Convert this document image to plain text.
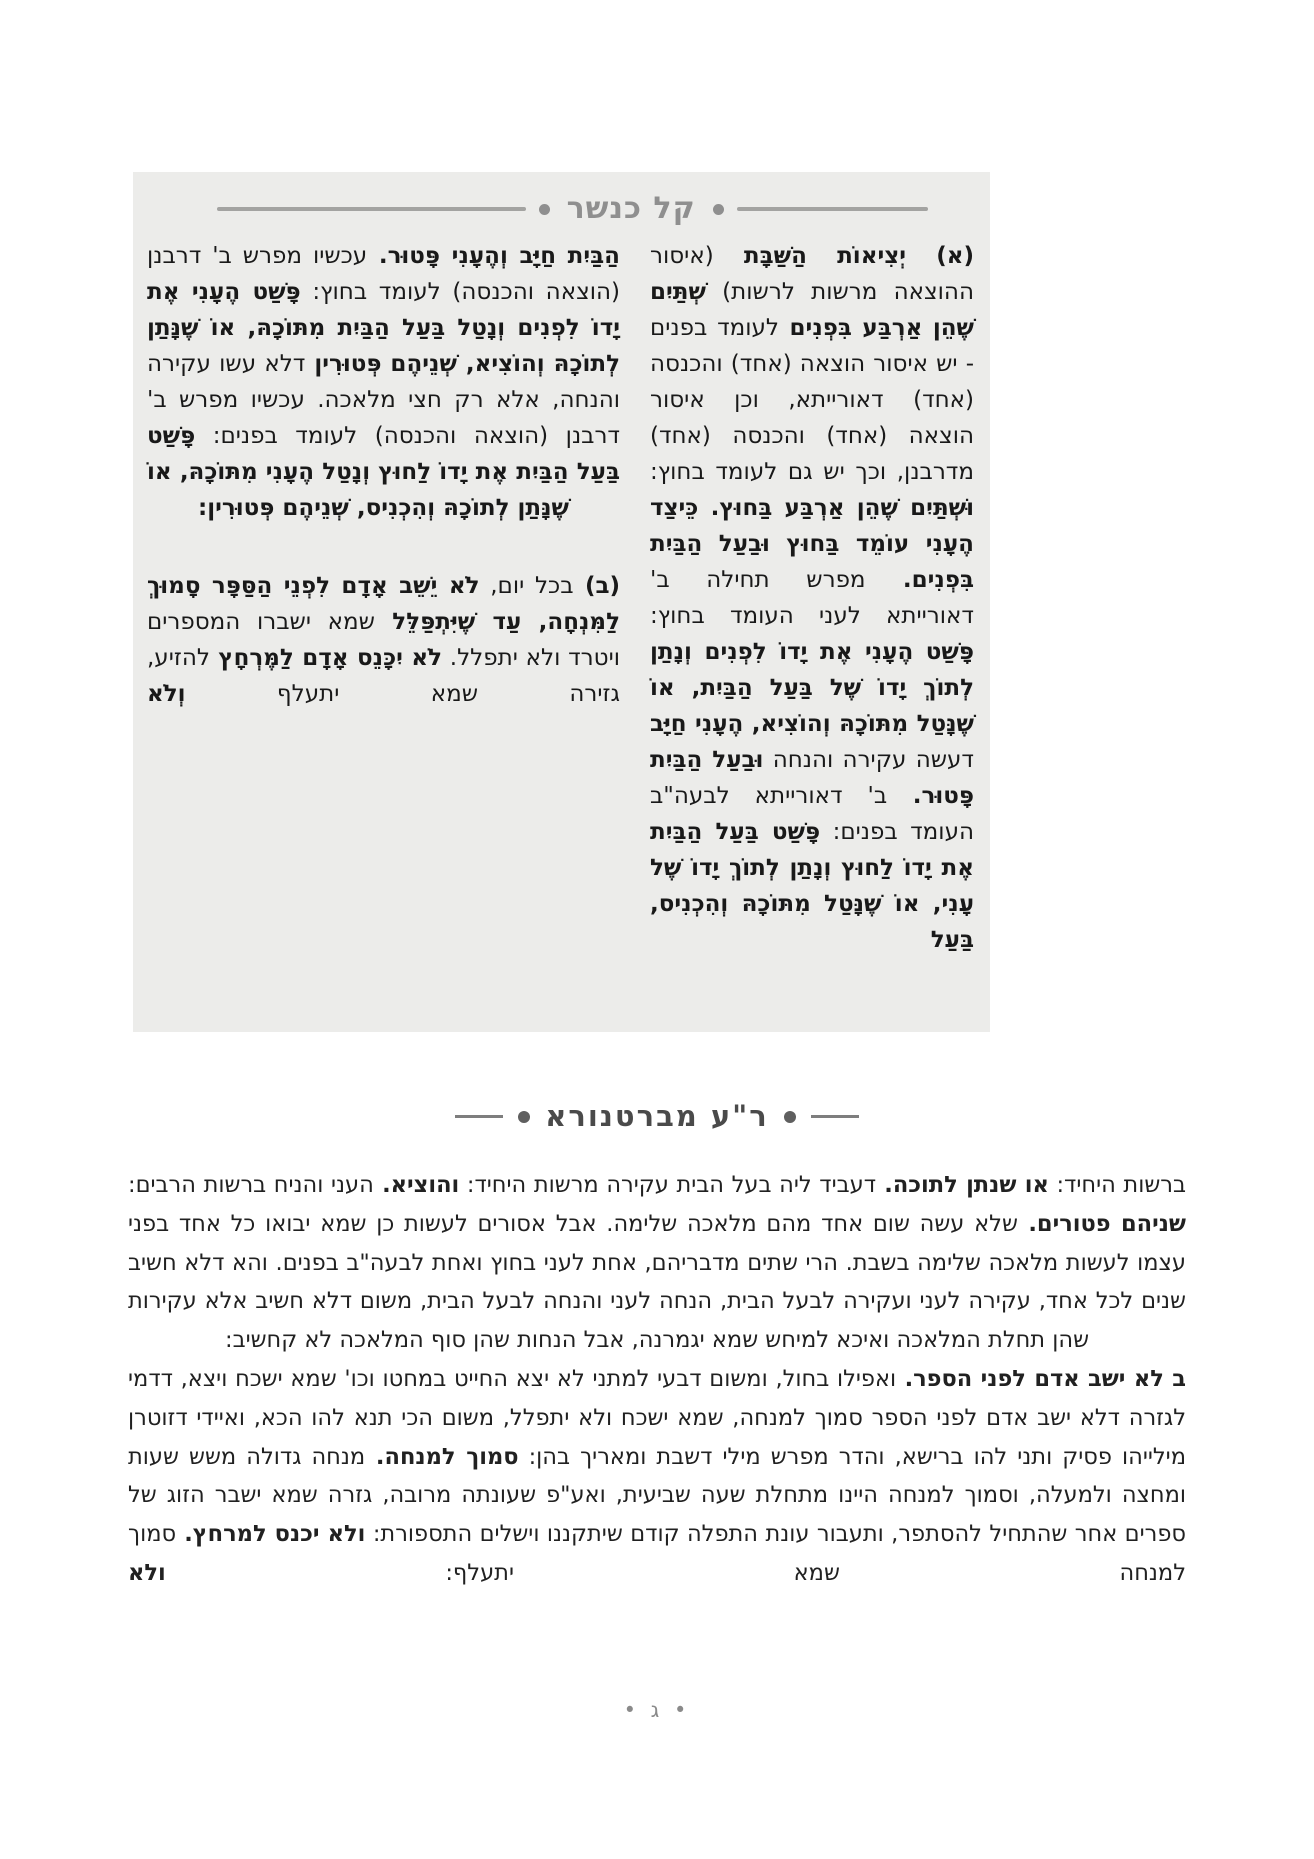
קל כנשר

(א) יְצִיאוֹת הַשַּׁבָּת (איסור ההוצאה מרשות לרשות) שְׁתַּיִם שֶׁהֵן אַרְבַּע בִּפְנִים לעומד בפנים - יש איסור הוצאה (אחד) והכנסה (אחד) דאורייתא, וכן איסור הוצאה (אחד) והכנסה (אחד) מדרבנן, וכך יש גם לעומד בחוץ: וּשְׁתַּיִם שֶׁהֵן אַרְבַּע בַּחוּץ. כֵּיצַד הֶעָנִי עוֹמֵד בַּחוּץ וּבַעַל הַבַּיִת בִּפְנִים. מפרש תחילה ב' דאורייתא לעני העומד בחוץ: פָּשַׁט הֶעָנִי אֶת יָדוֹ לִפְנִים וְנָתַן לְתוֹךְ יָדוֹ שֶׁל בַּעַל הַבַּיִת, אוֹ שֶׁנָּטַל מִתּוֹכָהּ וְהוֹצִיא, הֶעָנִי חַיָּב דעשה עקירה והנחה וּבַעַל הַבַּיִת פָּטוּר. ב' דאורייתא לבעה"ב העומד בפנים: פָּשַׁט בַּעַל הַבַּיִת אֶת יָדוֹ לַחוּץ וְנָתַן לְתוֹךְ יָדוֹ שֶׁל עָנִי, אוֹ שֶׁנָּטַל מִתּוֹכָהּ וְהִכְנִיס, בַּעַל

הַבַּיִת חַיָּב וְהֶעָנִי פָּטוּר. עכשיו מפרש ב' דרבנן (הוצאה והכנסה) לעומד בחוץ: פָּשַׁט הֶעָנִי אֶת יָדוֹ לִפְנִים וְנָטַל בַּעַל הַבַּיִת מִתּוֹכָהּ, אוֹ שֶׁנָּתַן לְתוֹכָהּ וְהוֹצִיא, שְׁנֵיהֶם פְּטוּרִין דלא עשו עקירה והנחה, אלא רק חצי מלאכה. עכשיו מפרש ב' דרבנן (הוצאה והכנסה) לעומד בפנים: פָּשַׁט בַּעַל הַבַּיִת אֶת יָדוֹ לַחוּץ וְנָטַל הֶעָנִי מִתּוֹכָהּ, אוֹ שֶׁנָּתַן לְתוֹכָהּ וְהִכְנִיס, שְׁנֵיהֶם פְּטוּרִין:

(ב) בכל יום, לֹא יֵשֵׁב אָדָם לִפְנֵי הַסַּפָּר סָמוּךְ לַמִּנְחָה, עַד שֶׁיִּתְפַּלֵּל שמא ישברו המספרים ויטרד ולא יתפלל. לֹא יִכָּנֵס אָדָם לַמֶּרְחָץ להזיע, גזירה שמא יתעלף וְלֹא

ר"ע מברטנורא

ברשות היחיד: או שנתן לתוכה. דעביד ליה בעל הבית עקירה מרשות היחיד: והוציא. העני והניח ברשות הרבים: שניהם פטורים. שלא עשה שום אחד מהם מלאכה שלימה. אבל אסורים לעשות כן שמא יבואו כל אחד בפני עצמו לעשות מלאכה שלימה בשבת. הרי שתים מדבריהם, אחת לעני בחוץ ואחת לבעה"ב בפנים. והא דלא חשיב שנים לכל אחד, עקירה לעני ועקירה לבעל הבית, הנחה לעני והנחה לבעל הבית, משום דלא חשיב אלא עקירות שהן תחלת המלאכה ואיכא למיחש שמא יגמרנה, אבל הנחות שהן סוף המלאכה לא קחשיב:

ב לא ישב אדם לפני הספר. ואפילו בחול, ומשום דבעי למתני לא יצא החייט במחטו וכו' שמא ישכח ויצא, דדמי לגזרה דלא ישב אדם לפני הספר סמוך למנחה, שמא ישכח ולא יתפלל, משום הכי תנא להו הכא, ואיידי דזוטרן מילייהו פסיק ותני להו ברישא, והדר מפרש מילי דשבת ומאריך בהן: סמוך למנחה. מנחה גדולה משש שעות ומחצה ולמעלה, וסמוך למנחה היינו מתחלת שעה שביעית, ואע"פ שעונתה מרובה, גזרה שמא ישבר הזוג של ספרים אחר שהתחיל להסתפר, ותעבור עונת התפלה קודם שיתקננו וישלים התספורת: ולא יכנס למרחץ. סמוך למנחה שמא יתעלף: ולא

• ג •
